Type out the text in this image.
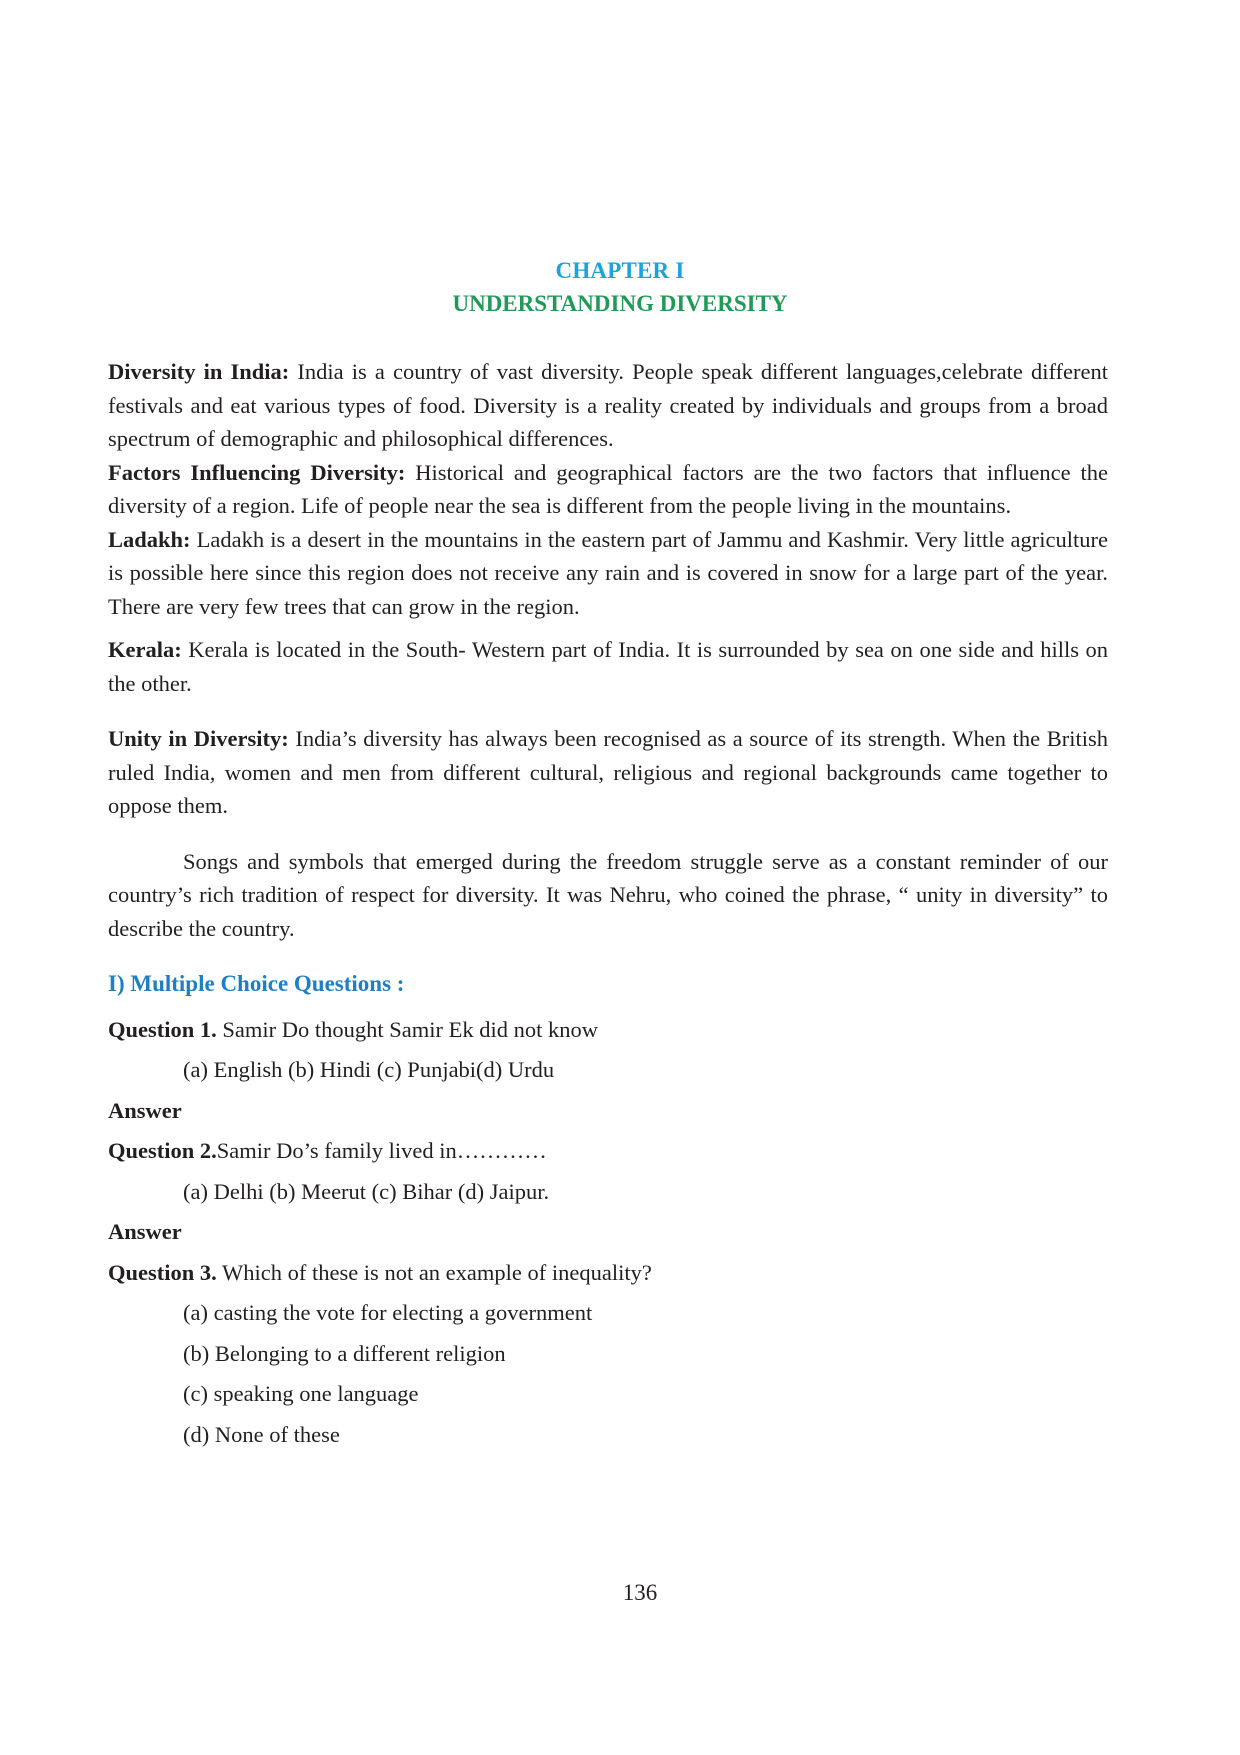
CHAPTER I
UNDERSTANDING DIVERSITY

Diversity in India: India is a country of vast diversity. People speak different languages,celebrate different festivals and eat various types of food. Diversity is a reality created by individuals and groups from a broad spectrum of demographic and philosophical differences.

Factors Influencing Diversity: Historical and geographical factors are the two factors that influence the diversity of a region. Life of people near the sea is different from the people living in the mountains.

Ladakh: Ladakh is a desert in the mountains in the eastern part of Jammu and Kashmir. Very little agriculture is possible here since this region does not receive any rain and is covered in snow for a large part of the year. There are very few trees that can grow in the region.

Kerala: Kerala is located in the South- Western part of India. It is surrounded by sea on one side and hills on the other.

Unity in Diversity: India’s diversity has always been recognised as a source of its strength. When the British ruled India, women and men from different cultural, religious and regional backgrounds came together to oppose them.

Songs and symbols that emerged during the freedom struggle serve as a constant reminder of our country’s rich tradition of respect for diversity. It was Nehru, who coined the phrase, “ unity in diversity” to describe the country.

I) Multiple Choice Questions :

Question 1. Samir Do thought Samir Ek did not know

(a) English (b) Hindi (c) Punjabi(d) Urdu

Answer

Question 2.Samir Do’s family lived in…………

(a) Delhi (b) Meerut (c) Bihar (d) Jaipur.

Answer

Question 3. Which of these is not an example of inequality?

(a) casting the vote for electing a government

(b) Belonging to a different religion

(c) speaking one language

(d) None of these

136
